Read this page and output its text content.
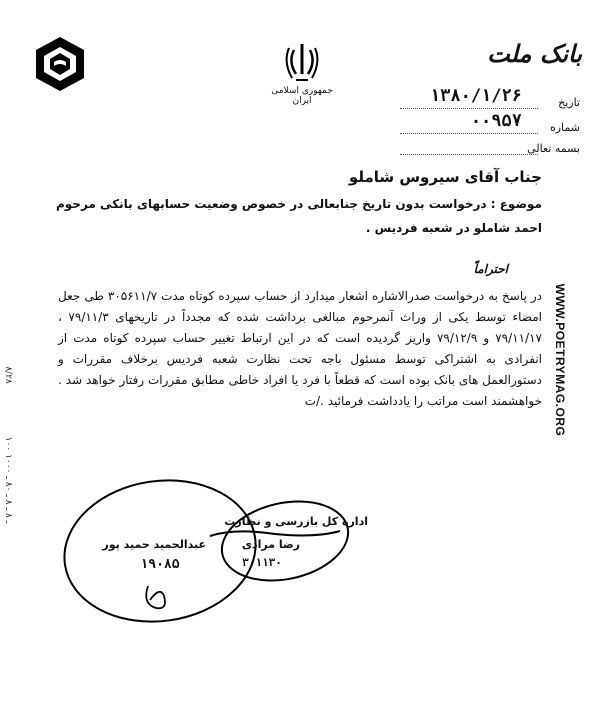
جمهوری اسلامی ایران
بانک ملت
تاریخ
۱۳۸۰/۱/۲۶
شماره
۰۰۹۵۷
بسمه تعالی
جناب آقای سیروس شاملو
موضوع : درخواست بدون تاریخ جنابعالی در خصوص وضعیت حسابهای بانکی مرحوم احمد شاملو در شعبه فردیس .
احتراماً
در پاسخ به درخواست صدرالاشاره اشعار میدارد از حساب سپرده کوتاه مدت ۳۰۵۶۱۱/۷ طی جعل امضاء توسط یکی از وراث آنمرحوم مبالغی برداشت شده که مجدداً در تاریخهای ۷۹/۱۱/۳ ، ۷۹/۱۱/۱۷ و ۷۹/۱۲/۹ واریز گردیده است که در این ارتباط تغییر حساب سپرده کوتاه مدت از انفرادی به اشتراکی توسط مسئول باجه تحت نظارت شعبه فردیس برخلاف مقررات و دستورالعمل های بانک بوده است که قطعاً با فرد یا افراد خاطی مطابق مقررات رفتار خواهد شد . خواهشمند است مراتب را یادداشت فرمائید ./ت WWW.POETRYMAG.ORG
۸/۲۸
۱۰۰ ـ ۸ ـ ۸ ـ ۸۰ ـ ۱۰۰۰	اداره کل بازرسی و نظارت
عبدالحمید حمید پور	رضا مرادی
۱۹۰۸۵	۳۰۱۱۳۰
